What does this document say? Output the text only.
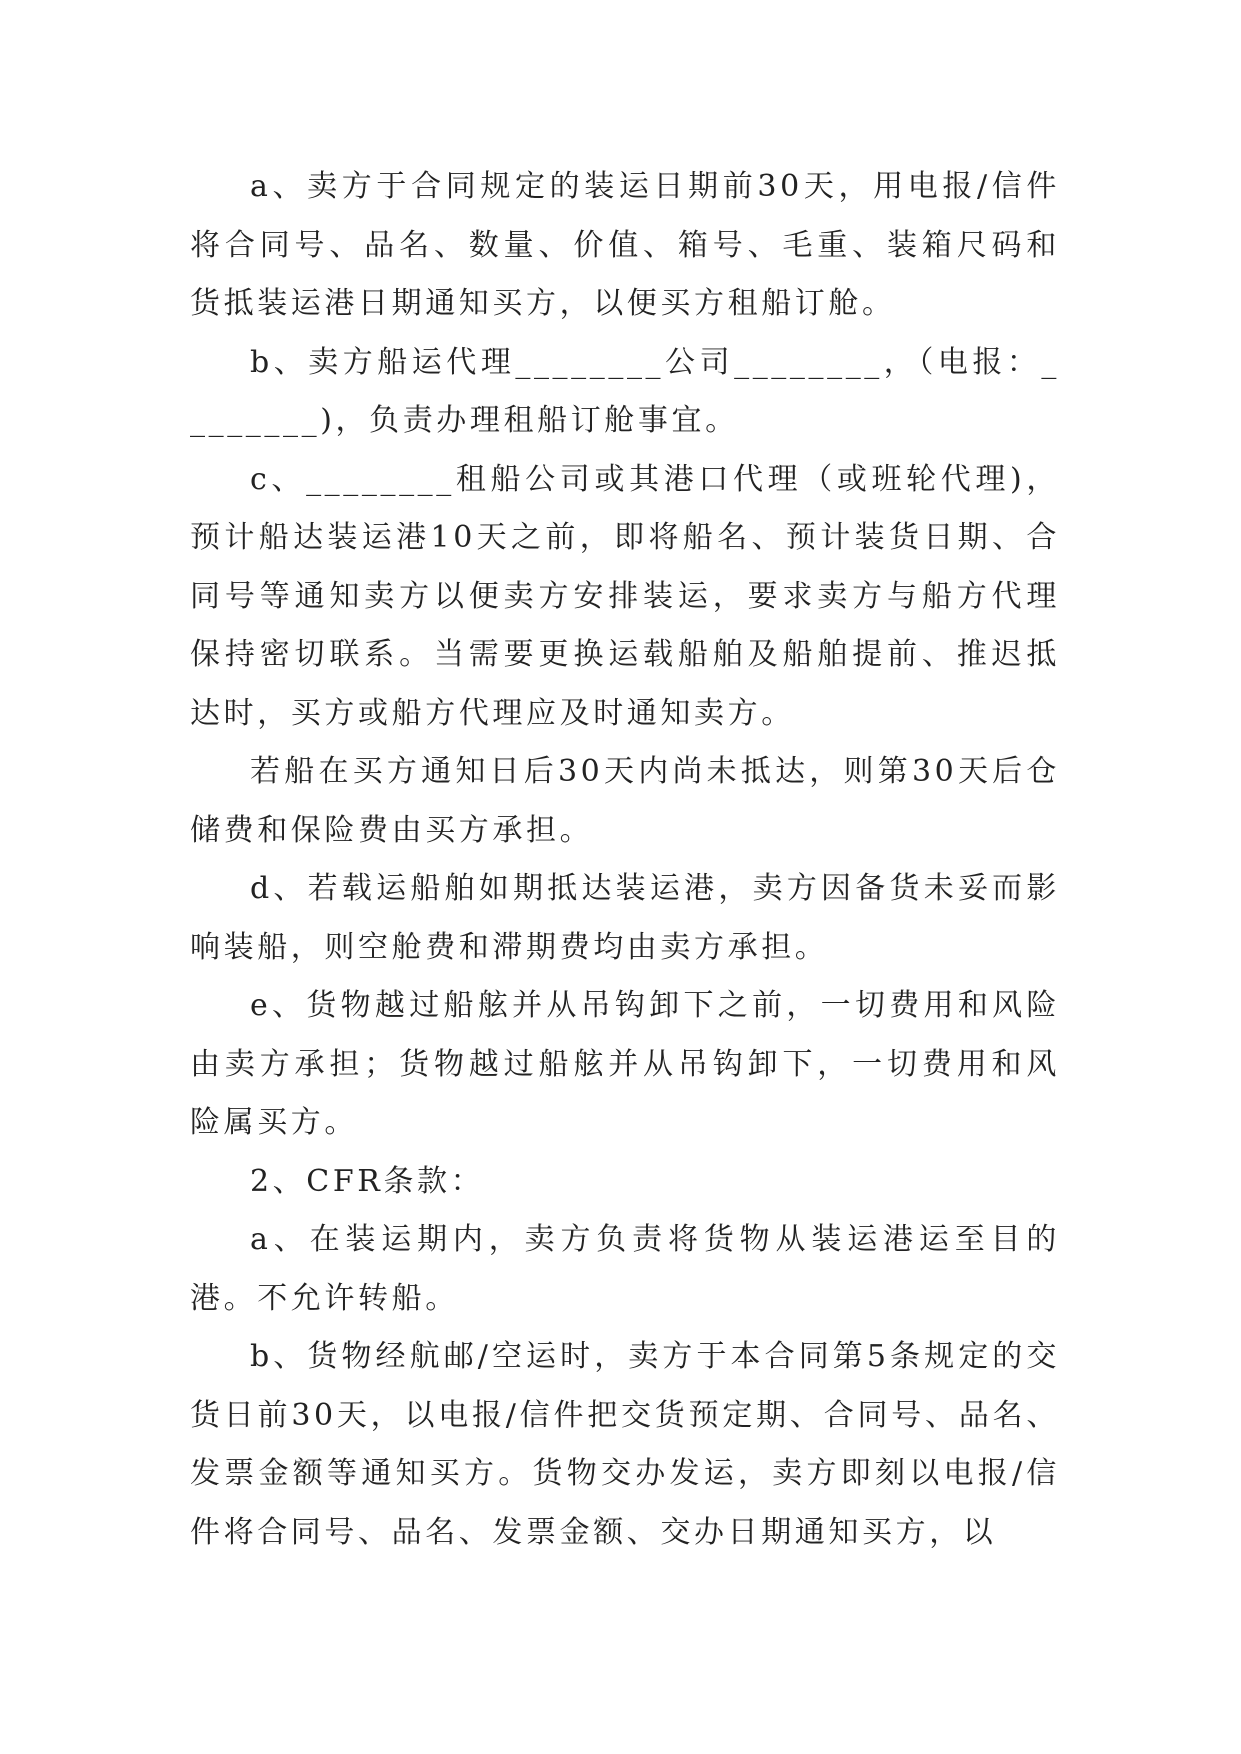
a、卖方于合同规定的装运日期前30天，用电报/信件将合同号、品名、数量、价值、箱号、毛重、装箱尺码和货抵装运港日期通知买方，以便买方租船订舱。

b、卖方船运代理________公司________，（电报：________)，负责办理租船订舱事宜。

c、________租船公司或其港口代理（或班轮代理)，预计船达装运港10天之前，即将船名、预计装货日期、合同号等通知卖方以便卖方安排装运，要求卖方与船方代理保持密切联系。当需要更换运载船舶及船舶提前、推迟抵达时，买方或船方代理应及时通知卖方。

若船在买方通知日后30天内尚未抵达，则第30天后仓储费和保险费由买方承担。

d、若载运船舶如期抵达装运港，卖方因备货未妥而影响装船，则空舱费和滞期费均由卖方承担。

e、货物越过船舷并从吊钩卸下之前，一切费用和风险由卖方承担；货物越过船舷并从吊钩卸下，一切费用和风险属买方。

2、CFR条款：

a、在装运期内，卖方负责将货物从装运港运至目的港。不允许转船。

b、货物经航邮/空运时，卖方于本合同第5条规定的交货日前30天，以电报/信件把交货预定期、合同号、品名、发票金额等通知买方。货物交办发运，卖方即刻以电报/信件将合同号、品名、发票金额、交办日期通知买方，以
